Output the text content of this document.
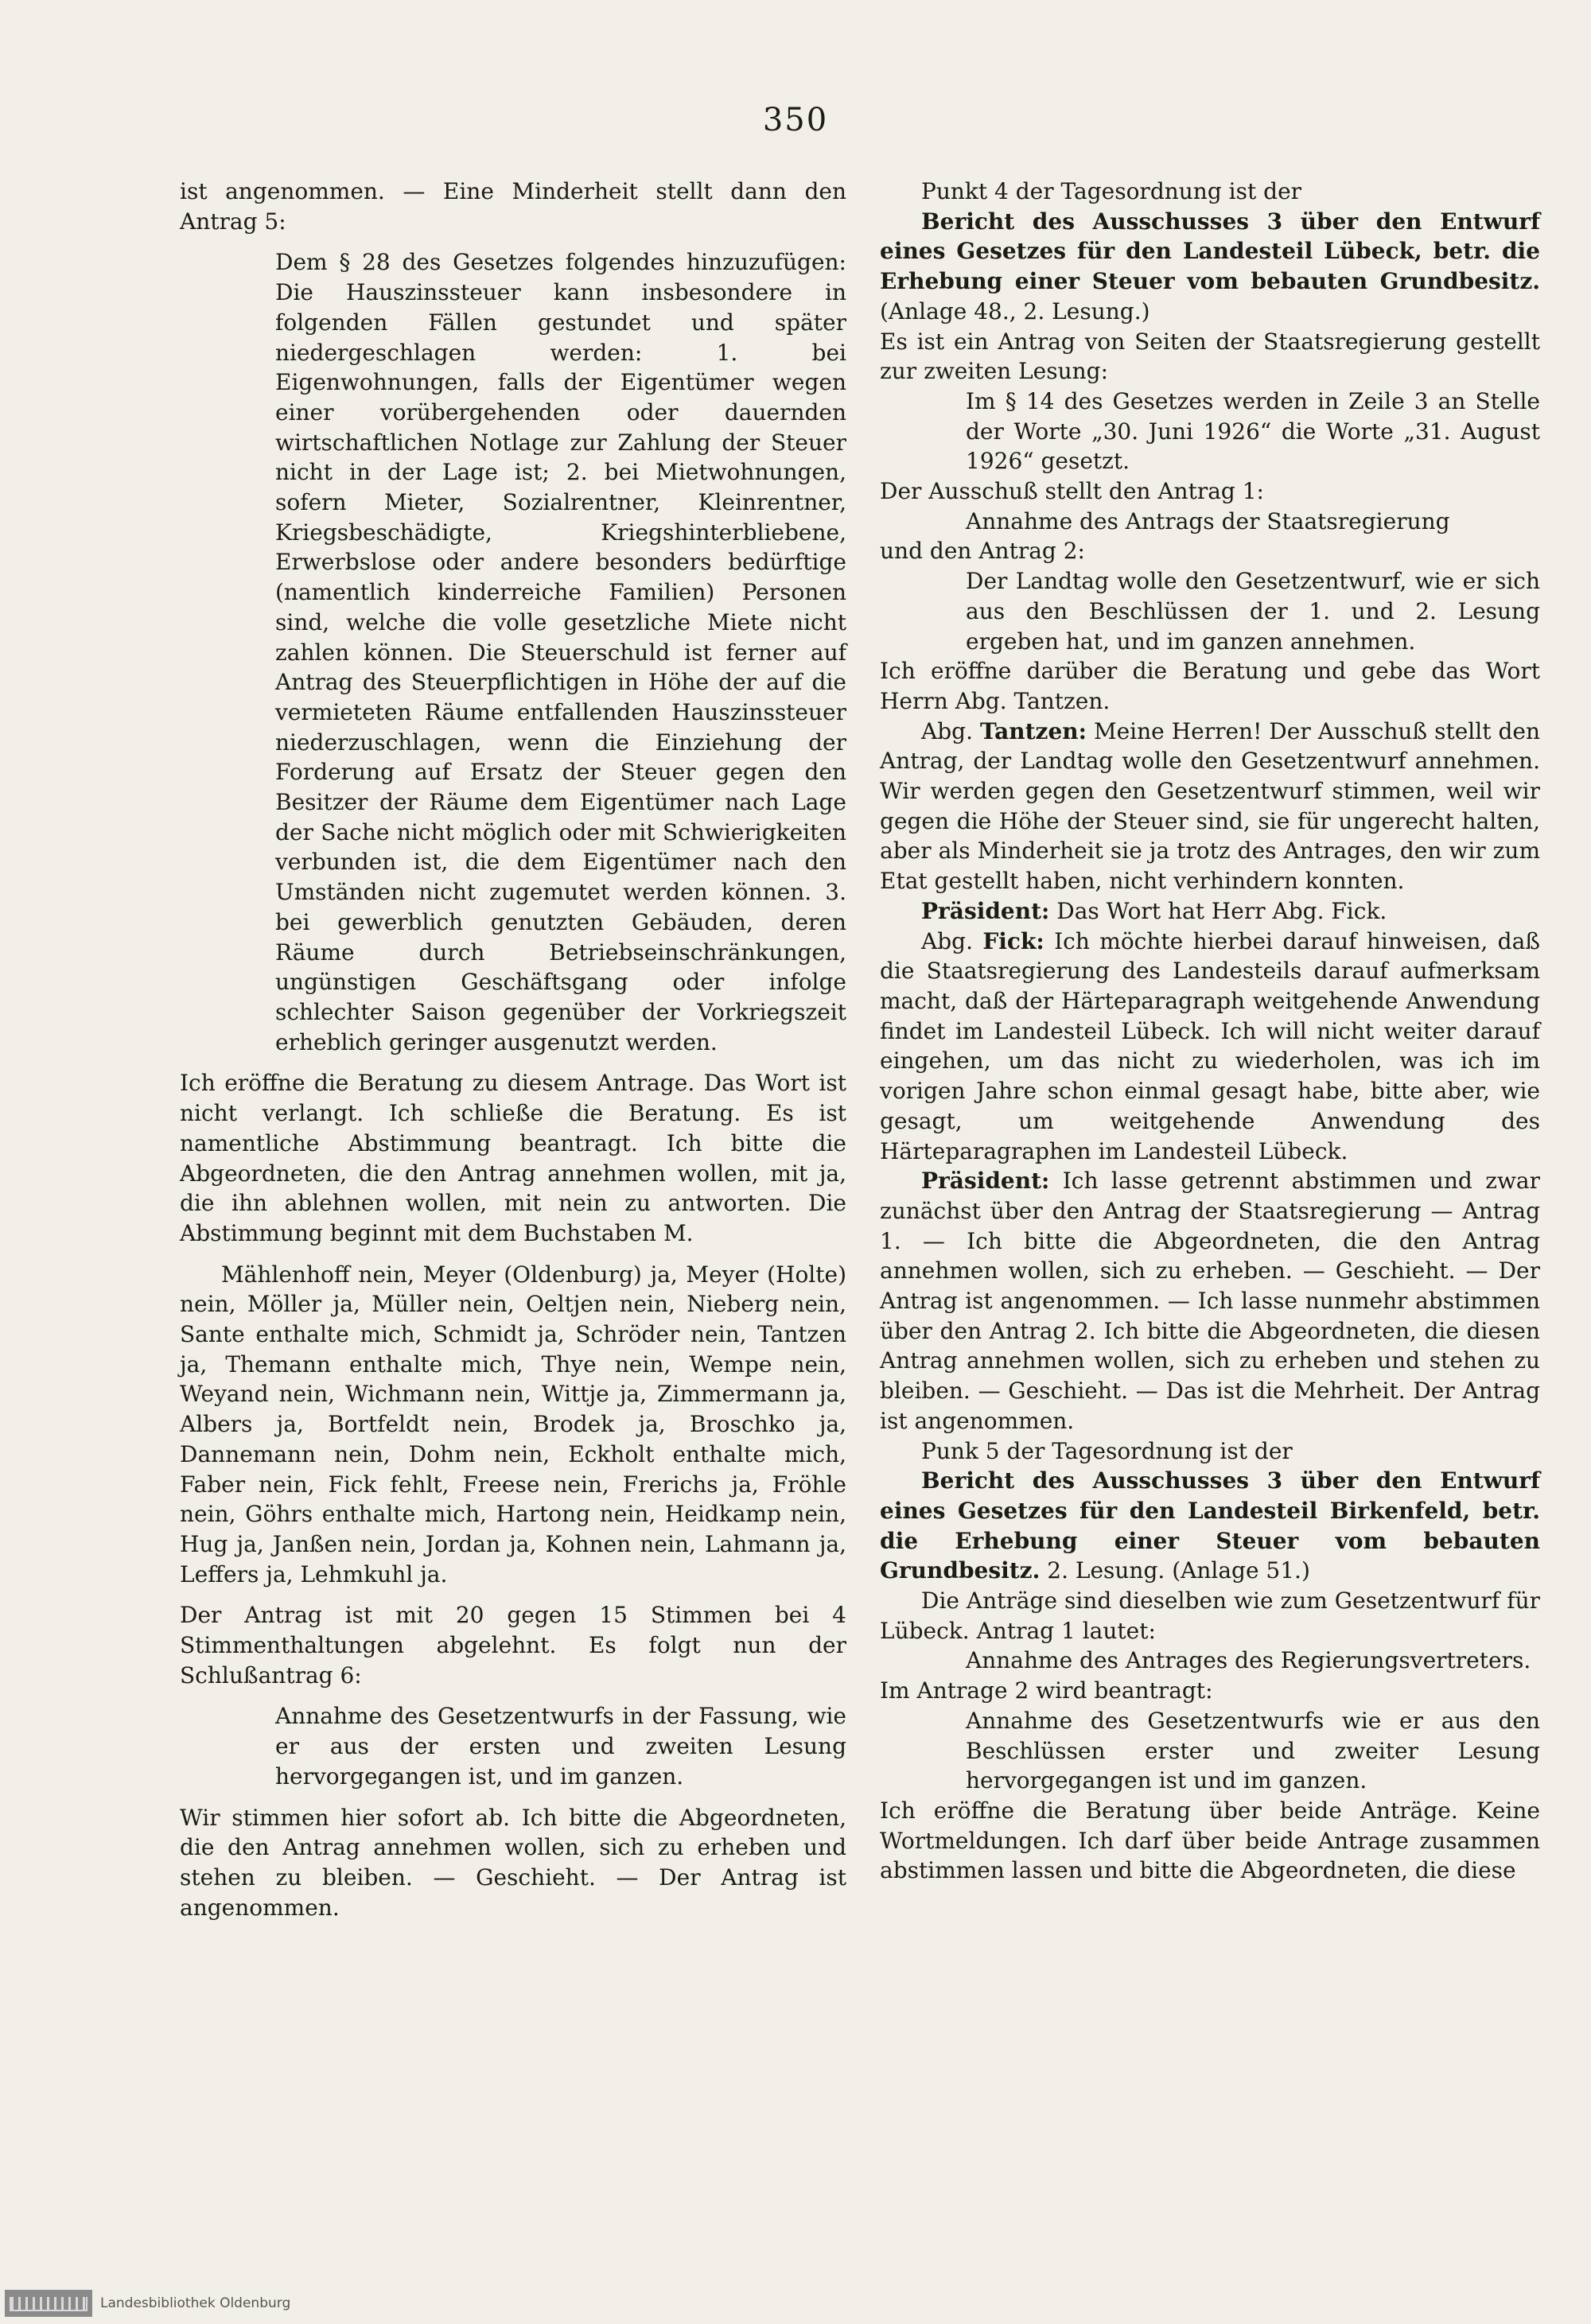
350

ist angenommen. — Eine Minderheit stellt dann den Antrag 5:

Dem § 28 des Gesetzes folgendes hinzuzufügen: Die Hauszinssteuer kann insbesondere in folgenden Fällen gestundet und später niedergeschlagen werden: 1. bei Eigenwohnungen, falls der Eigentümer wegen einer vorübergehenden oder dauernden wirtschaftlichen Notlage zur Zahlung der Steuer nicht in der Lage ist; 2. bei Mietwohnungen, sofern Mieter, Sozialrentner, Kleinrentner, Kriegsbeschädigte, Kriegshinterbliebene, Erwerbslose oder andere besonders bedürftige (namentlich kinderreiche Familien) Personen sind, welche die volle gesetzliche Miete nicht zahlen können. Die Steuerschuld ist ferner auf Antrag des Steuerpflichtigen in Höhe der auf die vermieteten Räume entfallenden Hauszinssteuer niederzuschlagen, wenn die Einziehung der Forderung auf Ersatz der Steuer gegen den Besitzer der Räume dem Eigentümer nach Lage der Sache nicht möglich oder mit Schwierigkeiten verbunden ist, die dem Eigentümer nach den Umständen nicht zugemutet werden können. 3. bei gewerblich genutzten Gebäuden, deren Räume durch Betriebseinschränkungen, ungünstigen Geschäftsgang oder infolge schlechter Saison gegenüber der Vorkriegszeit erheblich geringer ausgenutzt werden.

Ich eröffne die Beratung zu diesem Antrage. Das Wort ist nicht verlangt. Ich schließe die Beratung. Es ist namentliche Abstimmung beantragt. Ich bitte die Abgeordneten, die den Antrag annehmen wollen, mit ja, die ihn ablehnen wollen, mit nein zu antworten. Die Abstimmung beginnt mit dem Buchstaben M.

Mählenhoff nein, Meyer (Oldenburg) ja, Meyer (Holte) nein, Möller ja, Müller nein, Oeltjen nein, Nieberg nein, Sante enthalte mich, Schmidt ja, Schröder nein, Tantzen ja, Themann enthalte mich, Thye nein, Wempe nein, Weyand nein, Wichmann nein, Wittje ja, Zimmermann ja, Albers ja, Bortfeldt nein, Brodek ja, Broschko ja, Dannemann nein, Dohm nein, Eckholt enthalte mich, Faber nein, Fick fehlt, Freese nein, Frerichs ja, Fröhle nein, Göhrs enthalte mich, Hartong nein, Heidkamp nein, Hug ja, Janßen nein, Jordan ja, Kohnen nein, Lahmann ja, Leffers ja, Lehmkuhl ja.

Der Antrag ist mit 20 gegen 15 Stimmen bei 4 Stimmenthaltungen abgelehnt. Es folgt nun der Schlußantrag 6:

Annahme des Gesetzentwurfs in der Fassung, wie er aus der ersten und zweiten Lesung hervorgegangen ist, und im ganzen.

Wir stimmen hier sofort ab. Ich bitte die Abgeordneten, die den Antrag annehmen wollen, sich zu erheben und stehen zu bleiben. — Geschieht. — Der Antrag ist angenommen.

Punkt 4 der Tagesordnung ist der

Bericht des Ausschusses 3 über den Entwurf eines Gesetzes für den Landesteil Lübeck, betr. die Erhebung einer Steuer vom bebauten Grundbesitz. (Anlage 48., 2. Lesung.)

Es ist ein Antrag von Seiten der Staatsregierung gestellt zur zweiten Lesung:

Im § 14 des Gesetzes werden in Zeile 3 an Stelle der Worte „30. Juni 1926“ die Worte „31. August 1926“ gesetzt.

Der Ausschuß stellt den Antrag 1:

Annahme des Antrags der Staatsregierung

und den Antrag 2:

Der Landtag wolle den Gesetzentwurf, wie er sich aus den Beschlüssen der 1. und 2. Lesung ergeben hat, und im ganzen annehmen.

Ich eröffne darüber die Beratung und gebe das Wort Herrn Abg. Tantzen.

Abg. Tantzen: Meine Herren! Der Ausschuß stellt den Antrag, der Landtag wolle den Gesetzentwurf annehmen. Wir werden gegen den Gesetzentwurf stimmen, weil wir gegen die Höhe der Steuer sind, sie für ungerecht halten, aber als Minderheit sie ja trotz des Antrages, den wir zum Etat gestellt haben, nicht verhindern konnten.

Präsident: Das Wort hat Herr Abg. Fick.

Abg. Fick: Ich möchte hierbei darauf hinweisen, daß die Staatsregierung des Landesteils darauf aufmerksam macht, daß der Härteparagraph weitgehende Anwendung findet im Landesteil Lübeck. Ich will nicht weiter darauf eingehen, um das nicht zu wiederholen, was ich im vorigen Jahre schon einmal gesagt habe, bitte aber, wie gesagt, um weitgehende Anwendung des Härteparagraphen im Landesteil Lübeck.

Präsident: Ich lasse getrennt abstimmen und zwar zunächst über den Antrag der Staatsregierung — Antrag 1. — Ich bitte die Abgeordneten, die den Antrag annehmen wollen, sich zu erheben. — Geschieht. — Der Antrag ist angenommen. — Ich lasse nunmehr abstimmen über den Antrag 2. Ich bitte die Abgeordneten, die diesen Antrag annehmen wollen, sich zu erheben und stehen zu bleiben. — Geschieht. — Das ist die Mehrheit. Der Antrag ist angenommen.

Punk 5 der Tagesordnung ist der

Bericht des Ausschusses 3 über den Entwurf eines Gesetzes für den Landesteil Birkenfeld, betr. die Erhebung einer Steuer vom bebauten Grundbesitz. 2. Lesung. (Anlage 51.)

Die Anträge sind dieselben wie zum Gesetzentwurf für Lübeck. Antrag 1 lautet:

Annahme des Antrages des Regierungsvertreters.

Im Antrage 2 wird beantragt:

Annahme des Gesetzentwurfs wie er aus den Beschlüssen erster und zweiter Lesung hervorgegangen ist und im ganzen.

Ich eröffne die Beratung über beide Anträge. Keine Wortmeldungen. Ich darf über beide Antrage zusammen abstimmen lassen und bitte die Abgeordneten, die diese

Landesbibliothek Oldenburg
